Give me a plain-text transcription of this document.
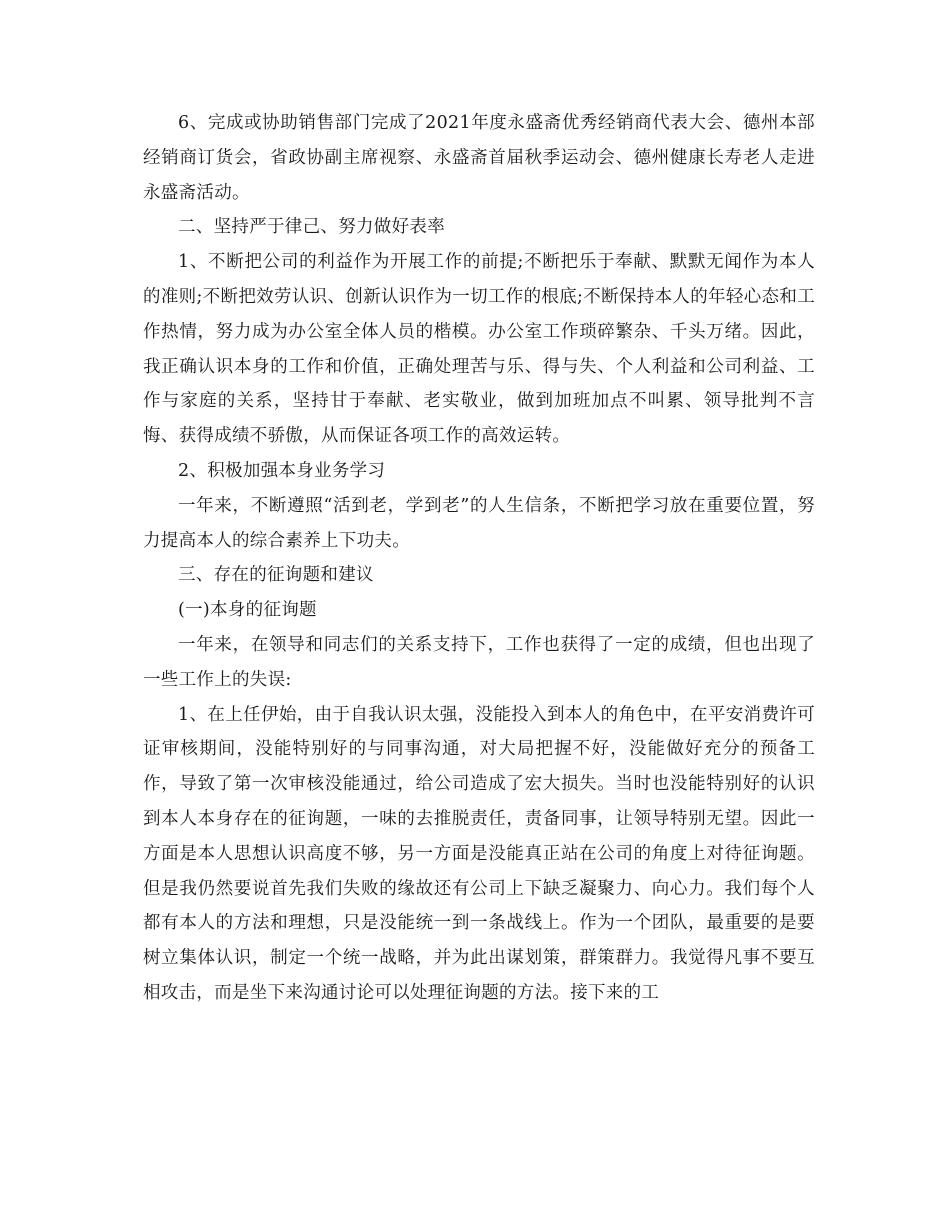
6、完成或协助销售部门完成了2021年度永盛斋优秀经销商代表大会、德州本部经销商订货会，省政协副主席视察、永盛斋首届秋季运动会、德州健康长寿老人走进永盛斋活动。

二、坚持严于律己、努力做好表率

1、不断把公司的利益作为开展工作的前提;不断把乐于奉献、默默无闻作为本人的准则;不断把效劳认识、创新认识作为一切工作的根底;不断保持本人的年轻心态和工作热情，努力成为办公室全体人员的楷模。办公室工作琐碎繁杂、千头万绪。因此，我正确认识本身的工作和价值，正确处理苦与乐、得与失、个人利益和公司利益、工作与家庭的关系，坚持甘于奉献、老实敬业，做到加班加点不叫累、领导批判不言悔、获得成绩不骄傲，从而保证各项工作的高效运转。

2、积极加强本身业务学习

一年来，不断遵照“活到老，学到老”的人生信条，不断把学习放在重要位置，努力提高本人的综合素养上下功夫。

三、存在的征询题和建议

(一)本身的征询题

一年来，在领导和同志们的关系支持下，工作也获得了一定的成绩，但也出现了一些工作上的失误:

1、在上任伊始，由于自我认识太强，没能投入到本人的角色中，在平安消费许可证审核期间，没能特别好的与同事沟通，对大局把握不好，没能做好充分的预备工作，导致了第一次审核没能通过，给公司造成了宏大损失。当时也没能特别好的认识到本人本身存在的征询题，一味的去推脱责任，责备同事，让领导特别无望。因此一方面是本人思想认识高度不够，另一方面是没能真正站在公司的角度上对待征询题。但是我仍然要说首先我们失败的缘故还有公司上下缺乏凝聚力、向心力。我们每个人都有本人的方法和理想，只是没能统一到一条战线上。作为一个团队，最重要的是要树立集体认识，制定一个统一战略，并为此出谋划策，群策群力。我觉得凡事不要互相攻击，而是坐下来沟通讨论可以处理征询题的方法。接下来的工
